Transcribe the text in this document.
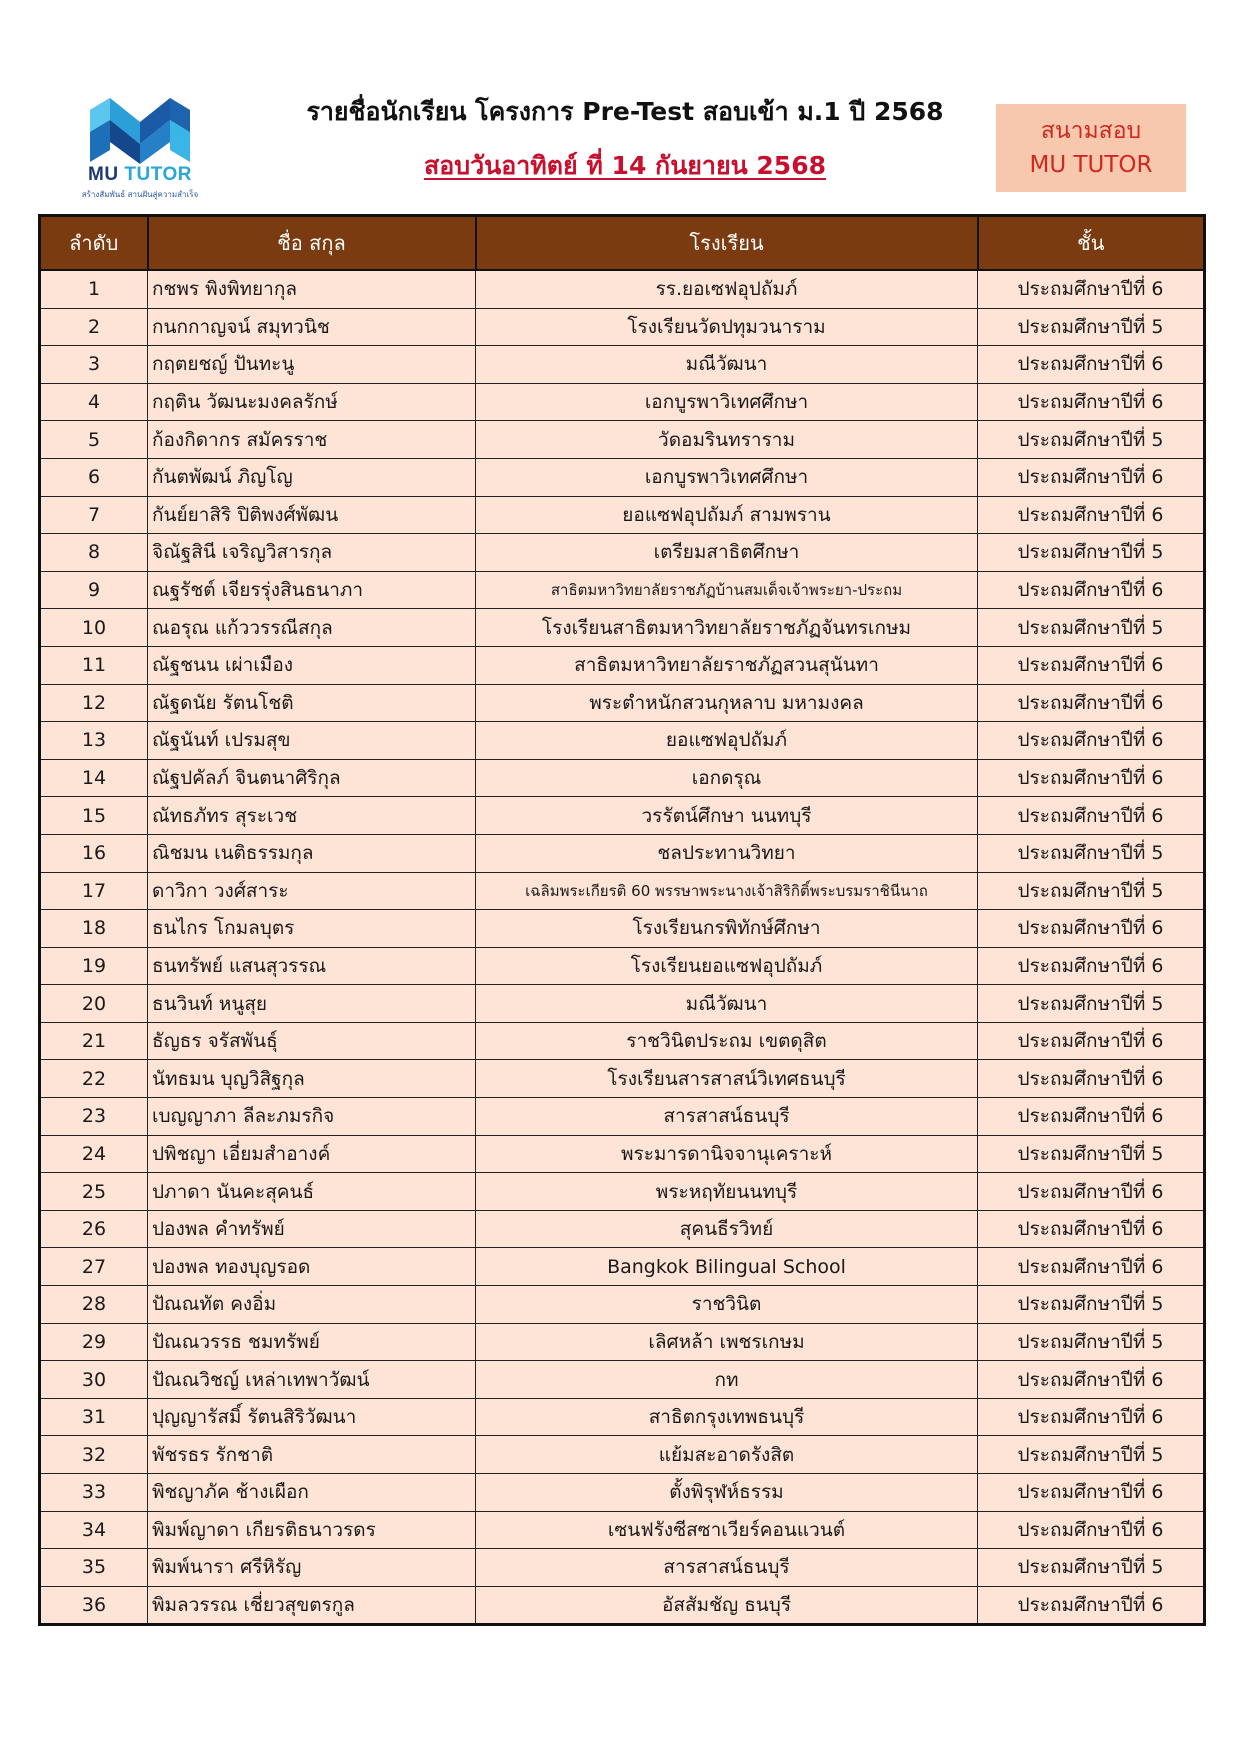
MU TUTOR
สร้างสัมพันธ์ สานฝันสู่ความสำเร็จ
รายชื่อนักเรียน โครงการ Pre-Test สอบเข้า ม.1 ปี 2568
สอบวันอาทิตย์ ที่ 14 กันยายน 2568
สนามสอบ
MU TUTOR
ลำดับ	ชื่อ สกุล	โรงเรียน	ชั้น
1	กชพร พิงพิทยากุล	รร.ยอเซฟอุปถัมภ์	ประถมศึกษาปีที่ 6
2	กนกกาญจน์ สมุทวนิช	โรงเรียนวัดปทุมวนาราม	ประถมศึกษาปีที่ 5
3	กฤตยชญ์ ปันทะนู	มณีวัฒนา	ประถมศึกษาปีที่ 6
4	กฤติน วัฒนะมงคลรักษ์	เอกบูรพาวิเทศศึกษา	ประถมศึกษาปีที่ 6
5	ก้องกิดากร สมัครราช	วัดอมรินทราราม	ประถมศึกษาปีที่ 5
6	กันตพัฒน์ ภิญโญ	เอกบูรพาวิเทศศึกษา	ประถมศึกษาปีที่ 6
7	กันย์ยาสิริ ปิติพงศ์พัฒน	ยอแซฟอุปถัมภ์ สามพราน	ประถมศึกษาปีที่ 6
8	จิณัฐสินี เจริญวิสารกุล	เตรียมสาธิตศึกษา	ประถมศึกษาปีที่ 5
9	ณฐรัชต์ เจียรรุ่งสินธนาภา	สาธิตมหาวิทยาลัยราชภัฏบ้านสมเด็จเจ้าพระยา-ประถม	ประถมศึกษาปีที่ 6
10	ณอรุณ แก้ววรรณีสกุล	โรงเรียนสาธิตมหาวิทยาลัยราชภัฏจันทรเกษม	ประถมศึกษาปีที่ 5
11	ณัฐชนน เผ่าเมือง	สาธิตมหาวิทยาลัยราชภัฏสวนสุนันทา	ประถมศึกษาปีที่ 6
12	ณัฐดนัย รัตนโชติ	พระตำหนักสวนกุหลาบ มหามงคล	ประถมศึกษาปีที่ 6
13	ณัฐนันท์ เปรมสุข	ยอแซฟอุปถัมภ์	ประถมศึกษาปีที่ 6
14	ณัฐปคัลภ์ จินตนาศิริกุล	เอกดรุณ	ประถมศึกษาปีที่ 6
15	ณัทธภัทร สุระเวช	วรรัตน์ศึกษา นนทบุรี	ประถมศึกษาปีที่ 6
16	ณิชมน เนติธรรมกุล	ชลประทานวิทยา	ประถมศึกษาปีที่ 5
17	ดาวิกา วงศ์สาระ	เฉลิมพระเกียรติ 60 พรรษาพระนางเจ้าสิริกิติ์พระบรมราชินีนาถ	ประถมศึกษาปีที่ 5
18	ธนไกร โกมลบุตร	โรงเรียนกรพิทักษ์ศึกษา	ประถมศึกษาปีที่ 6
19	ธนทรัพย์ แสนสุวรรณ	โรงเรียนยอแซฟอุปถัมภ์	ประถมศึกษาปีที่ 6
20	ธนวินท์ หนูสุย	มณีวัฒนา	ประถมศึกษาปีที่ 5
21	ธัญธร จรัสพันธุ์	ราชวินิตประถม เขตดุสิต	ประถมศึกษาปีที่ 6
22	นัทธมน บุญวิสิฐกุล	โรงเรียนสารสาสน์วิเทศธนบุรี	ประถมศึกษาปีที่ 6
23	เบญญาภา ลีละภมรกิจ	สารสาสน์ธนบุรี	ประถมศึกษาปีที่ 6
24	ปพิชญา เอี่ยมสำอางค์	พระมารดานิจจานุเคราะห์	ประถมศึกษาปีที่ 5
25	ปภาดา นันคะสุคนธ์	พระหฤทัยนนทบุรี	ประถมศึกษาปีที่ 6
26	ปองพล คำทรัพย์	สุคนธีรวิทย์	ประถมศึกษาปีที่ 6
27	ปองพล ทองบุญรอด	Bangkok Bilingual School	ประถมศึกษาปีที่ 6
28	ปัณณทัต คงอิ่ม	ราชวินิต	ประถมศึกษาปีที่ 5
29	ปัณณวรรธ ชมทรัพย์	เลิศหล้า เพชรเกษม	ประถมศึกษาปีที่ 5
30	ปัณณวิชญ์ เหล่าเทพาวัฒน์	กท	ประถมศึกษาปีที่ 6
31	ปุญญารัสมิ์ รัตนสิริวัฒนา	สาธิตกรุงเทพธนบุรี	ประถมศึกษาปีที่ 6
32	พัชรธร รักชาติ	แย้มสะอาดรังสิต	ประถมศึกษาปีที่ 5
33	พิชญาภัค ช้างเผือก	ตั้งพิรุฬห์ธรรม	ประถมศึกษาปีที่ 6
34	พิมพ์ญาดา เกียรติธนาวรดร	เซนฟรังซีสซาเวียร์คอนแวนต์	ประถมศึกษาปีที่ 6
35	พิมพ์นารา ศรีหิรัญ	สารสาสน์ธนบุรี	ประถมศึกษาปีที่ 5
36	พิมลวรรณ เชี่ยวสุขตรกูล	อัสสัมชัญ ธนบุรี	ประถมศึกษาปีที่ 6
